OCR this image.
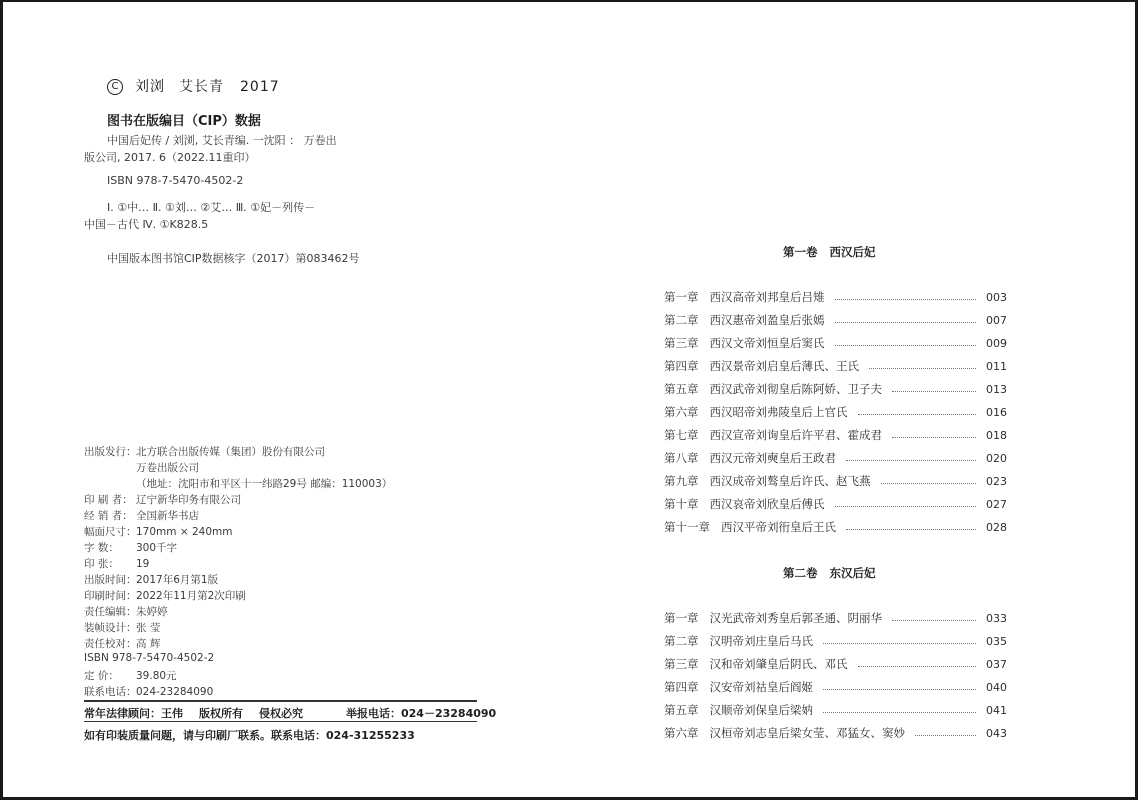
C 刘浏 艾长青 2017
图书在版编目（CIP）数据
中国后妃传 / 刘浏, 艾长青编. 一沈阳 ： 万卷出
版公司, 2017. 6（2022.11重印）
ISBN 978-7-5470-4502-2
Ⅰ. ①中… Ⅱ. ①刘… ②艾… Ⅲ. ①妃－列传－
中国－古代 Ⅳ. ①K828.5
中国版本图书馆CIP数据核字（2017）第083462号
出版发行：北方联合出版传媒（集团）股份有限公司
万卷出版公司
（地址：沈阳市和平区十一纬路29号 邮编：110003）
印 刷 者： 辽宁新华印务有限公司
经 销 者： 全国新华书店
幅面尺寸：170mm × 240mm
字 数： 300千字
印 张： 19
出版时间：2017年6月第1版
印刷时间：2022年11月第2次印刷
责任编辑：朱婷婷
装帧设计：张 莹
责任校对：高 辉
ISBN 978-7-5470-4502-2
定 价： 39.80元
联系电话：024-23284090
常年法律顾问：王伟 版权所有 侵权必究	举报电话：024－23284090
如有印装质量问题，请与印刷厂联系。联系电话：024-31255233
第一卷 西汉后妃
第一章 西汉高帝刘邦皇后吕雉	003
第二章 西汉惠帝刘盈皇后张嫣	007
第三章 西汉文帝刘恒皇后窦氏	009
第四章 西汉景帝刘启皇后薄氏、王氏	011
第五章 西汉武帝刘彻皇后陈阿娇、卫子夫	013
第六章 西汉昭帝刘弗陵皇后上官氏	016
第七章 西汉宣帝刘询皇后许平君、霍成君	018
第八章 西汉元帝刘奭皇后王政君	020
第九章 西汉成帝刘骜皇后许氏、赵飞燕	023
第十章 西汉哀帝刘欣皇后傅氏	027
第十一章 西汉平帝刘衎皇后王氏	028
第二卷 东汉后妃
第一章 汉光武帝刘秀皇后郭圣通、阴丽华	033
第二章 汉明帝刘庄皇后马氏	035
第三章 汉和帝刘肇皇后阴氏、邓氏	037
第四章 汉安帝刘祜皇后阎姬	040
第五章 汉顺帝刘保皇后梁妠	041
第六章 汉桓帝刘志皇后梁女莹、邓猛女、窦妙	043
